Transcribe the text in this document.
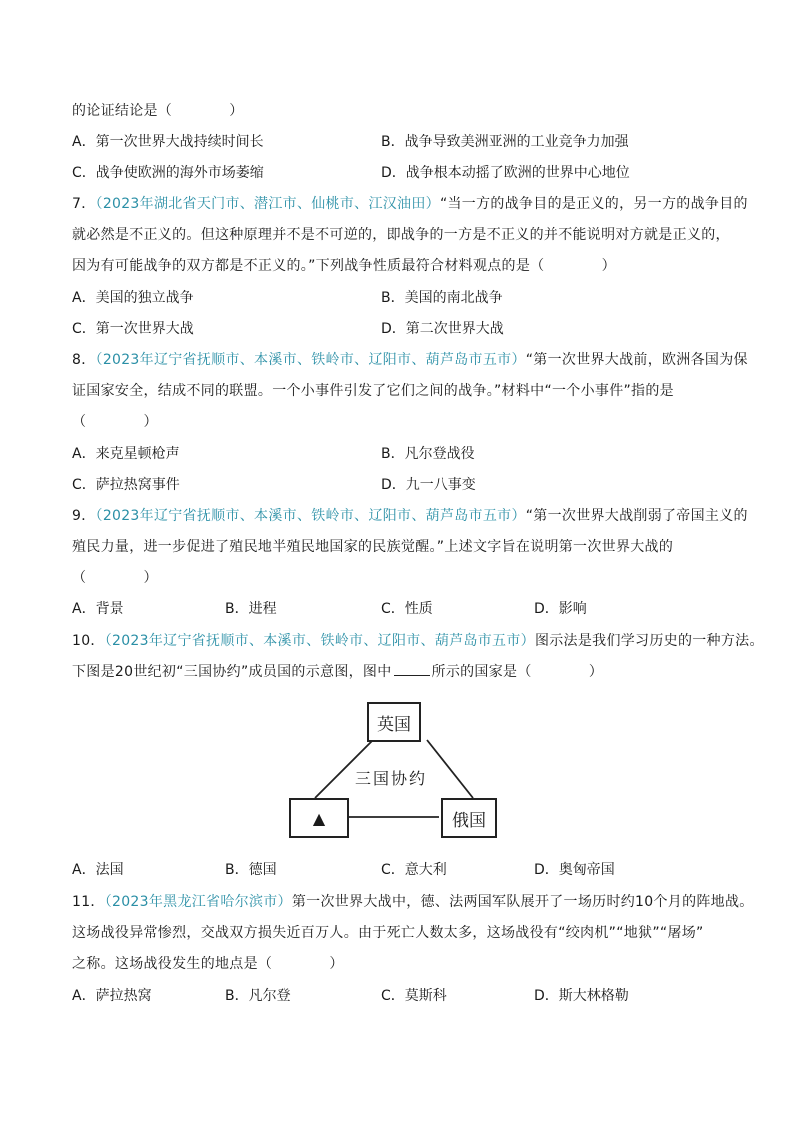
的论证结论是（　　　　）
A．第一次世界大战持续时间长	B．战争导致美洲亚洲的工业竞争力加强
C．战争使欧洲的海外市场萎缩	D．战争根本动摇了欧洲的世界中心地位
7．（2023年湖北省天门市、潜江市、仙桃市、江汉油田）“当一方的战争目的是正义的，另一方的战争目的
就必然是不正义的。但这种原理并不是不可逆的，即战争的一方是不正义的并不能说明对方就是正义的，
因为有可能战争的双方都是不正义的。”下列战争性质最符合材料观点的是（　　　　）
A．美国的独立战争	B．美国的南北战争
C．第一次世界大战	D．第二次世界大战
8．（2023年辽宁省抚顺市、本溪市、铁岭市、辽阳市、葫芦岛市五市）“第一次世界大战前，欧洲各国为保
证国家安全，结成不同的联盟。一个小事件引发了它们之间的战争。”材料中“一个小事件”指的是
（　　　　）
A．来克星顿枪声	B．凡尔登战役
C．萨拉热窝事件	D．九一八事变
9．（2023年辽宁省抚顺市、本溪市、铁岭市、辽阳市、葫芦岛市五市）“第一次世界大战削弱了帝国主义的
殖民力量，进一步促进了殖民地半殖民地国家的民族觉醒。”上述文字旨在说明第一次世界大战的
（　　　　）
A．背景	B．进程	C．性质	D．影响
10．（2023年辽宁省抚顺市、本溪市、铁岭市、辽阳市、葫芦岛市五市）图示法是我们学习历史的一种方法。
下图是20世纪初“三国协约”成员国的示意图，图中	所示的国家是（　　　　）
英国
▲	俄国
三国协约
A．法国	B．德国	C．意大利	D．奥匈帝国
11．（2023年黑龙江省哈尔滨市）第一次世界大战中，德、法两国军队展开了一场历时约10个月的阵地战。
这场战役异常惨烈，交战双方损失近百万人。由于死亡人数太多，这场战役有“绞肉机”“地狱”“屠场”
之称。这场战役发生的地点是（　　　　）
A．萨拉热窝	B．凡尔登	C．莫斯科	D．斯大林格勒
